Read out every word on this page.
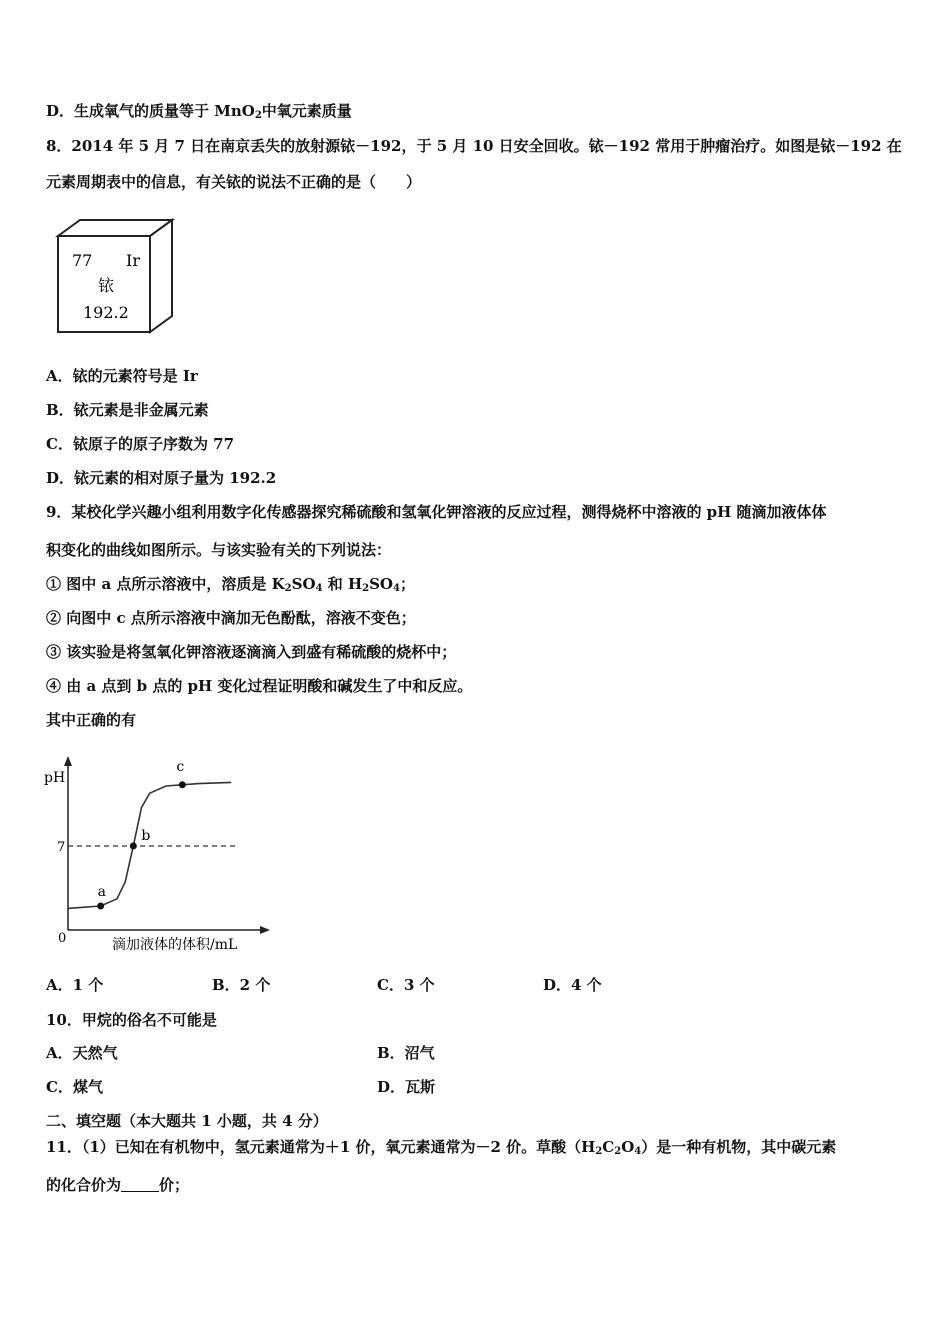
D．生成氧气的质量等于 MnO$_2$中氧元素质量
8．2014 年 5 月 7 日在南京丢失的放射源铱－192，于 5 月 10 日安全回收。铱－192 常用于肿瘤治疗。如图是铱－192 在
元素周期表中的信息，有关铱的说法不正确的是（　　）
77 Ir
铱
192.2
A．铱的元素符号是 Ir
B．铱元素是非金属元素
C．铱原子的原子序数为 77
D．铱元素的相对原子量为 192.2
9．某校化学兴趣小组利用数字化传感器探究稀硫酸和氢氧化钾溶液的反应过程，测得烧杯中溶液的 pH 随滴加液体体
积变化的曲线如图所示。与该实验有关的下列说法：
① 图中 a 点所示溶液中，溶质是 $K_2SO_4$ 和 $H_2SO_4$；
② 向图中 c 点所示溶液中滴加无色酚酞，溶液不变色；
③ 该实验是将氢氧化钾溶液逐滴滴入到盛有稀硫酸的烧杯中；
④ 由 a 点到 b 点的 pH 变化过程证明酸和碱发生了中和反应。
其中正确的有
pH
0
7
a
b
c
滴加液体的体积/mL
A．1 个	B．2 个	C．3 个	D．4 个
10．甲烷的俗名不可能是
A．天然气	B．沼气
C．煤气	D．瓦斯
二、填空题（本大题共 1 小题，共 4 分）
11．（1）已知在有机物中，氢元素通常为＋1 价，氧元素通常为－2 价。草酸$(H_2C_2O_4)$是一种有机物，其中碳元素
的化合价为	价；
